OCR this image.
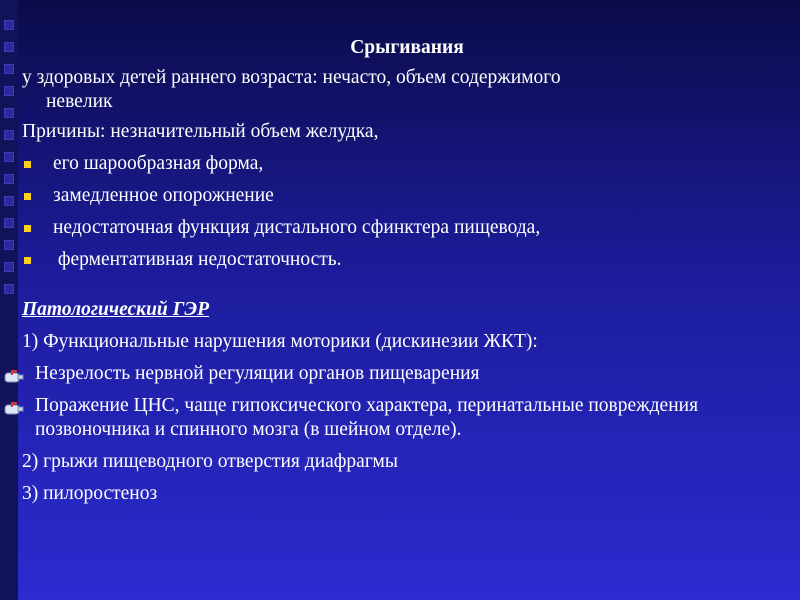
Срыгивания
у здоровых детей раннего возраста: нечасто, объем содержимого
невелик
Причины: незначительный объем желудка,
его шарообразная форма,
замедленное опорожнение
недостаточная функция дистального сфинктера пищевода,
ферментативная недостаточность.
Патологический ГЭР
1) Функциональные нарушения моторики (дискинезии ЖКТ):
Незрелость нервной регуляции органов пищеварения
Поражение ЦНС, чаще гипоксического характера, перинатальные повреждения позвоночника и спинного мозга (в шейном отделе).
2) грыжи пищеводного отверстия диафрагмы
3) пилоростеноз
